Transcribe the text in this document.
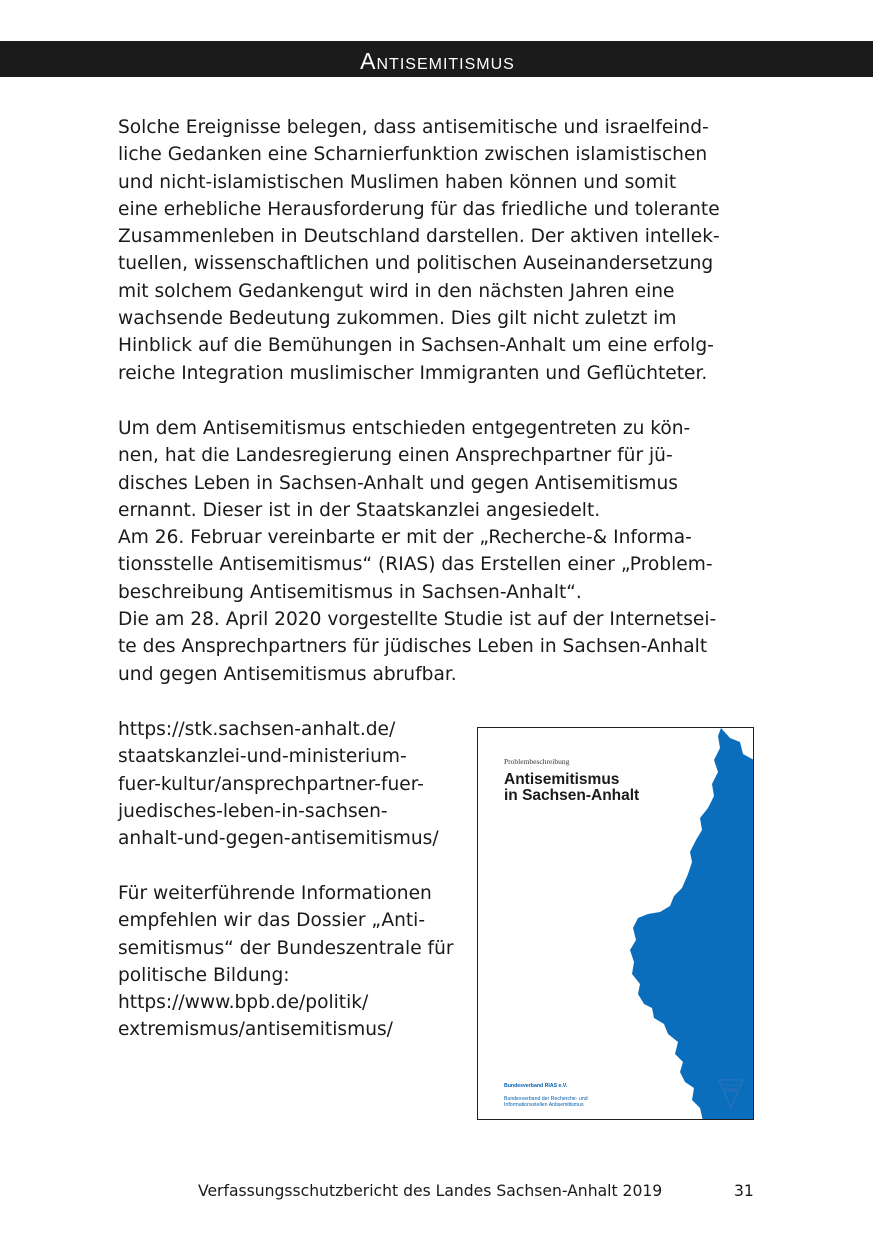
Antisemitismus

Solche Ereignisse belegen, dass antisemitische und israelfeind-
liche Gedanken eine Scharnierfunktion zwischen islamistischen
und nicht-islamistischen Muslimen haben können und somit
eine erhebliche Herausforderung für das friedliche und tolerante
Zusammenleben in Deutschland darstellen. Der aktiven intellek-
tuellen, wissenschaftlichen und politischen Auseinandersetzung
mit solchem Gedankengut wird in den nächsten Jahren eine
wachsende Bedeutung zukommen. Dies gilt nicht zuletzt im
Hinblick auf die Bemühungen in Sachsen-Anhalt um eine erfolg-
reiche Integration muslimischer Immigranten und Geflüchteter.

Um dem Antisemitismus entschieden entgegentreten zu kön-
nen, hat die Landesregierung einen Ansprechpartner für jü-
disches Leben in Sachsen-Anhalt und gegen Antisemitismus
ernannt. Dieser ist in der Staatskanzlei angesiedelt.
Am 26. Februar vereinbarte er mit der „Recherche-& Informa-
tionsstelle Antisemitismus“ (RIAS) das Erstellen einer „Problem-
beschreibung Antisemitismus in Sachsen-Anhalt“.
Die am 28. April 2020 vorgestellte Studie ist auf der Internetsei-
te des Ansprechpartners für jüdisches Leben in Sachsen-Anhalt
und gegen Antisemitismus abrufbar.

https://stk.sachsen-anhalt.de/
staatskanzlei-und-ministerium-
fuer-kultur/ansprechpartner-fuer-
juedisches-leben-in-sachsen-
anhalt-und-gegen-antisemitismus/

Für weiterführende Informationen
empfehlen wir das Dossier „Anti-
semitismus“ der Bundeszentrale für
politische Bildung:
https://www.bpb.de/politik/
extremismus/antisemitismus/

Problembeschreibung
Antisemitismus
in Sachsen-Anhalt

Bundesverband RIAS e.V.

Bundesverband der Recherche- und
Informationsstellen Antisemitismus

rias
Verfassungsschutzbericht des Landes Sachsen-Anhalt 2019	31
